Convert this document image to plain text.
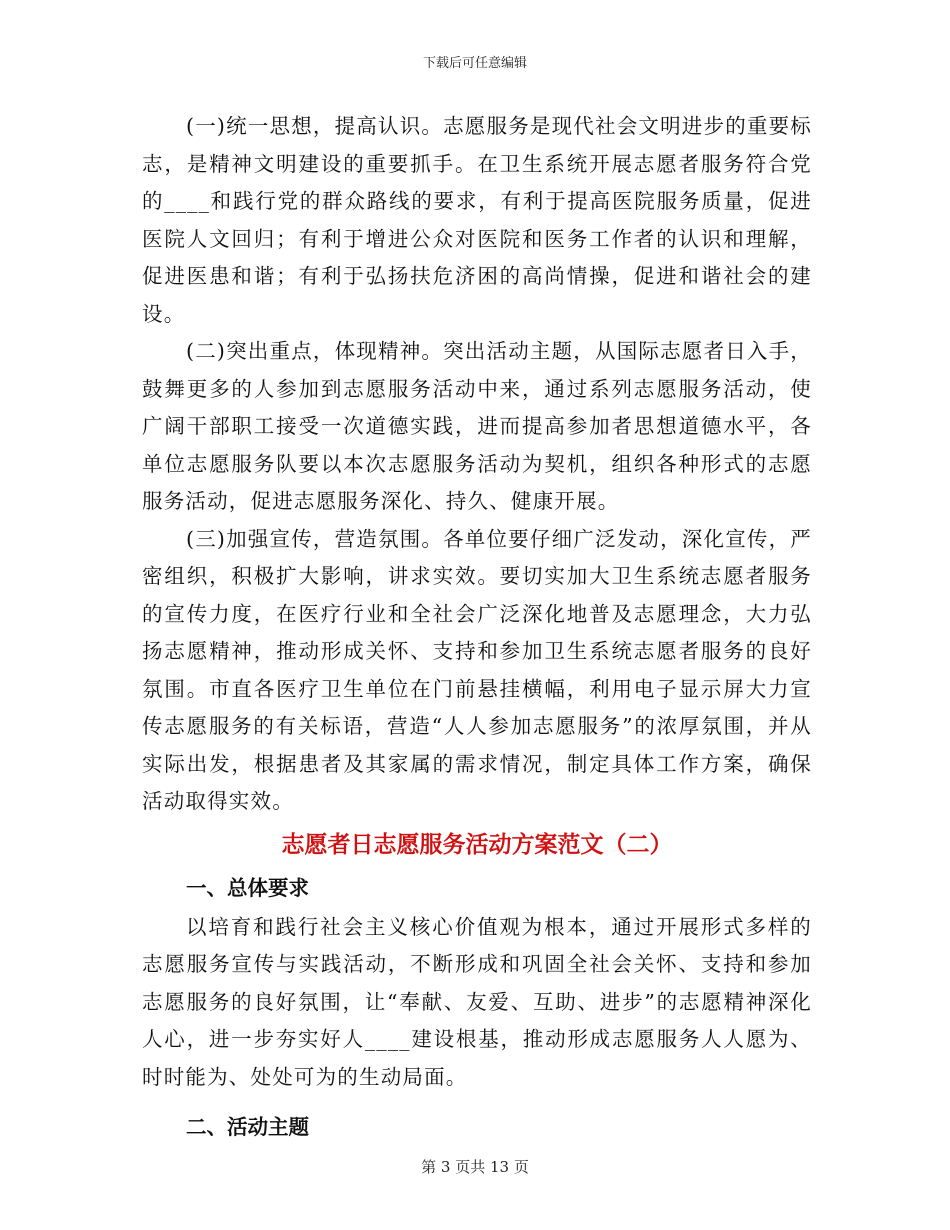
下载后可任意编辑

(一)统一思想，提高认识。志愿服务是现代社会文明进步的重要标志，是精神文明建设的重要抓手。在卫生系统开展志愿者服务符合党的____和践行党的群众路线的要求，有利于提高医院服务质量，促进医院人文回归；有利于增进公众对医院和医务工作者的认识和理解，促进医患和谐；有利于弘扬扶危济困的高尚情操，促进和谐社会的建设。

(二)突出重点，体现精神。突出活动主题，从国际志愿者日入手，鼓舞更多的人参加到志愿服务活动中来，通过系列志愿服务活动，使广阔干部职工接受一次道德实践，进而提高参加者思想道德水平，各单位志愿服务队要以本次志愿服务活动为契机，组织各种形式的志愿服务活动，促进志愿服务深化、持久、健康开展。

(三)加强宣传，营造氛围。各单位要仔细广泛发动，深化宣传，严密组织，积极扩大影响，讲求实效。要切实加大卫生系统志愿者服务的宣传力度，在医疗行业和全社会广泛深化地普及志愿理念，大力弘扬志愿精神，推动形成关怀、支持和参加卫生系统志愿者服务的良好氛围。市直各医疗卫生单位在门前悬挂横幅，利用电子显示屏大力宣传志愿服务的有关标语，营造“人人参加志愿服务”的浓厚氛围，并从实际出发，根据患者及其家属的需求情况，制定具体工作方案，确保活动取得实效。

志愿者日志愿服务活动方案范文（二）
一、总体要求

以培育和践行社会主义核心价值观为根本，通过开展形式多样的志愿服务宣传与实践活动，不断形成和巩固全社会关怀、支持和参加志愿服务的良好氛围，让“奉献、友爱、互助、进步”的志愿精神深化人心，进一步夯实好人____建设根基，推动形成志愿服务人人愿为、时时能为、处处可为的生动局面。

二、活动主题
第 3 页共 13 页
